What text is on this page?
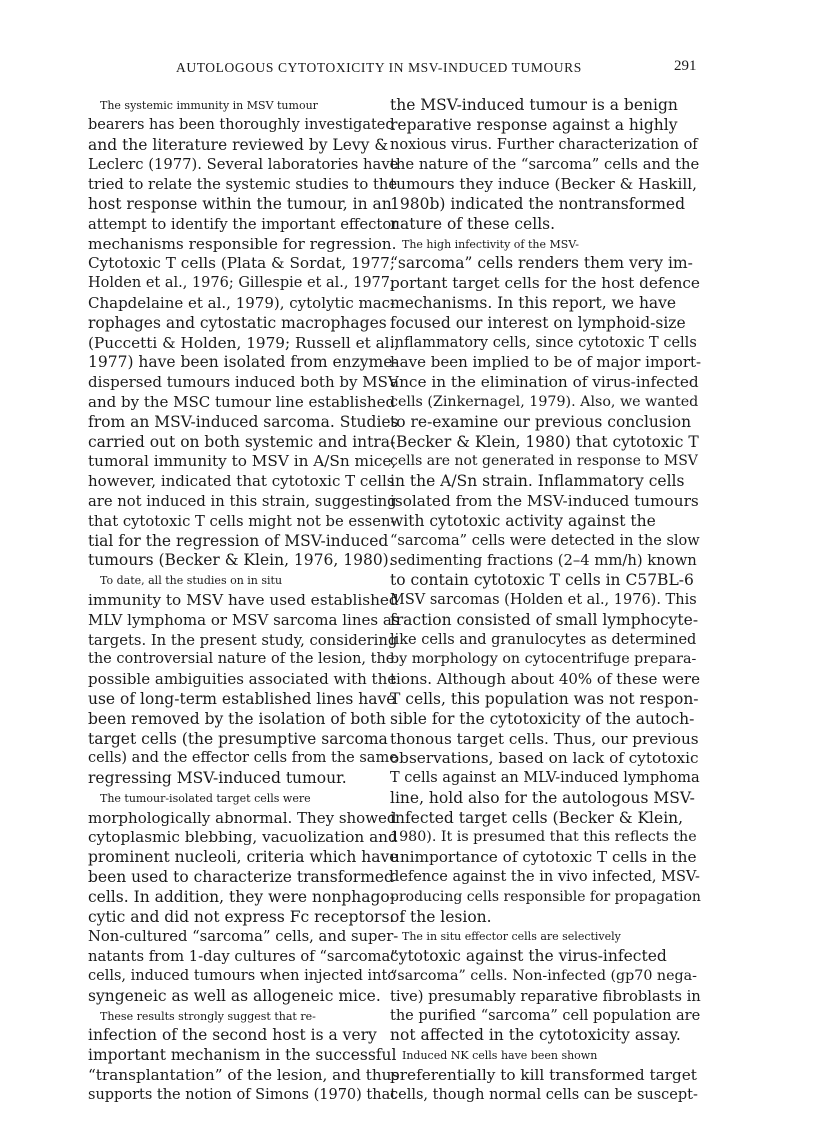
AUTOLOGOUS CYTOTOXICITY IN MSV-INDUCED TUMOURS	291
The systemic immunity in MSV tumour
bearers has been thoroughly investigated
and the literature reviewed by Levy &
Leclerc (1977). Several laboratories have
tried to relate the systemic studies to the
host response within the tumour, in an
attempt to identify the important effector
mechanisms responsible for regression.
Cytotoxic T cells (Plata & Sordat, 1977;
Holden et al., 1976; Gillespie et al., 1977;
Chapdelaine et al., 1979), cytolytic mac-
rophages and cytostatic macrophages
(Puccetti & Holden, 1979; Russell et al.,
1977) have been isolated from enzyme-
dispersed tumours induced both by MSV
and by the MSC tumour line established
from an MSV-induced sarcoma. Studies
carried out on both systemic and intra-
tumoral immunity to MSV in A/Sn mice,
however, indicated that cytotoxic T cells
are not induced in this strain, suggesting
that cytotoxic T cells might not be essen-
tial for the regression of MSV-induced
tumours (Becker & Klein, 1976, 1980).
To date, all the studies on in situ
immunity to MSV have used established
MLV lymphoma or MSV sarcoma lines as
targets. In the present study, considering
the controversial nature of the lesion, the
possible ambiguities associated with the
use of long-term established lines have
been removed by the isolation of both
target cells (the presumptive sarcoma
cells) and the effector cells from the same
regressing MSV-induced tumour.
The tumour-isolated target cells were
morphologically abnormal. They showed
cytoplasmic blebbing, vacuolization and
prominent nucleoli, criteria which have
been used to characterize transformed
cells. In addition, they were nonphago-
cytic and did not express Fc receptors.
Non-cultured “sarcoma” cells, and super-
natants from 1-day cultures of “sarcoma”
cells, induced tumours when injected into
syngeneic as well as allogeneic mice.
These results strongly suggest that re-
infection of the second host is a very
important mechanism in the successful
“transplantation” of the lesion, and thus
supports the notion of Simons (1970) that
the MSV-induced tumour is a benign
reparative response against a highly
noxious virus. Further characterization of
the nature of the “sarcoma” cells and the
tumours they induce (Becker & Haskill,
1980b) indicated the nontransformed
nature of these cells.
The high infectivity of the MSV-
“sarcoma” cells renders them very im-
portant target cells for the host defence
mechanisms. In this report, we have
focused our interest on lymphoid-size
inflammatory cells, since cytotoxic T cells
have been implied to be of major import-
ance in the elimination of virus-infected
cells (Zinkernagel, 1979). Also, we wanted
to re-examine our previous conclusion
(Becker & Klein, 1980) that cytotoxic T
cells are not generated in response to MSV
in the A/Sn strain. Inflammatory cells
isolated from the MSV-induced tumours
with cytotoxic activity against the
“sarcoma” cells were detected in the slow
sedimenting fractions (2–4 mm/h) known
to contain cytotoxic T cells in C57BL-6
MSV sarcomas (Holden et al., 1976). This
fraction consisted of small lymphocyte-
like cells and granulocytes as determined
by morphology on cytocentrifuge prepara-
tions. Although about 40% of these were
T cells, this population was not respon-
sible for the cytotoxicity of the autoch-
thonous target cells. Thus, our previous
observations, based on lack of cytotoxic
T cells against an MLV-induced lymphoma
line, hold also for the autologous MSV-
infected target cells (Becker & Klein,
1980). It is presumed that this reflects the
unimportance of cytotoxic T cells in the
defence against the in vivo infected, MSV-
producing cells responsible for propagation
of the lesion.
The in situ effector cells are selectively
cytotoxic against the virus-infected
“sarcoma” cells. Non-infected (gp70 nega-
tive) presumably reparative fibroblasts in
the purified “sarcoma” cell population are
not affected in the cytotoxicity assay.
Induced NK cells have been shown
preferentially to kill transformed target
cells, though normal cells can be suscept-
